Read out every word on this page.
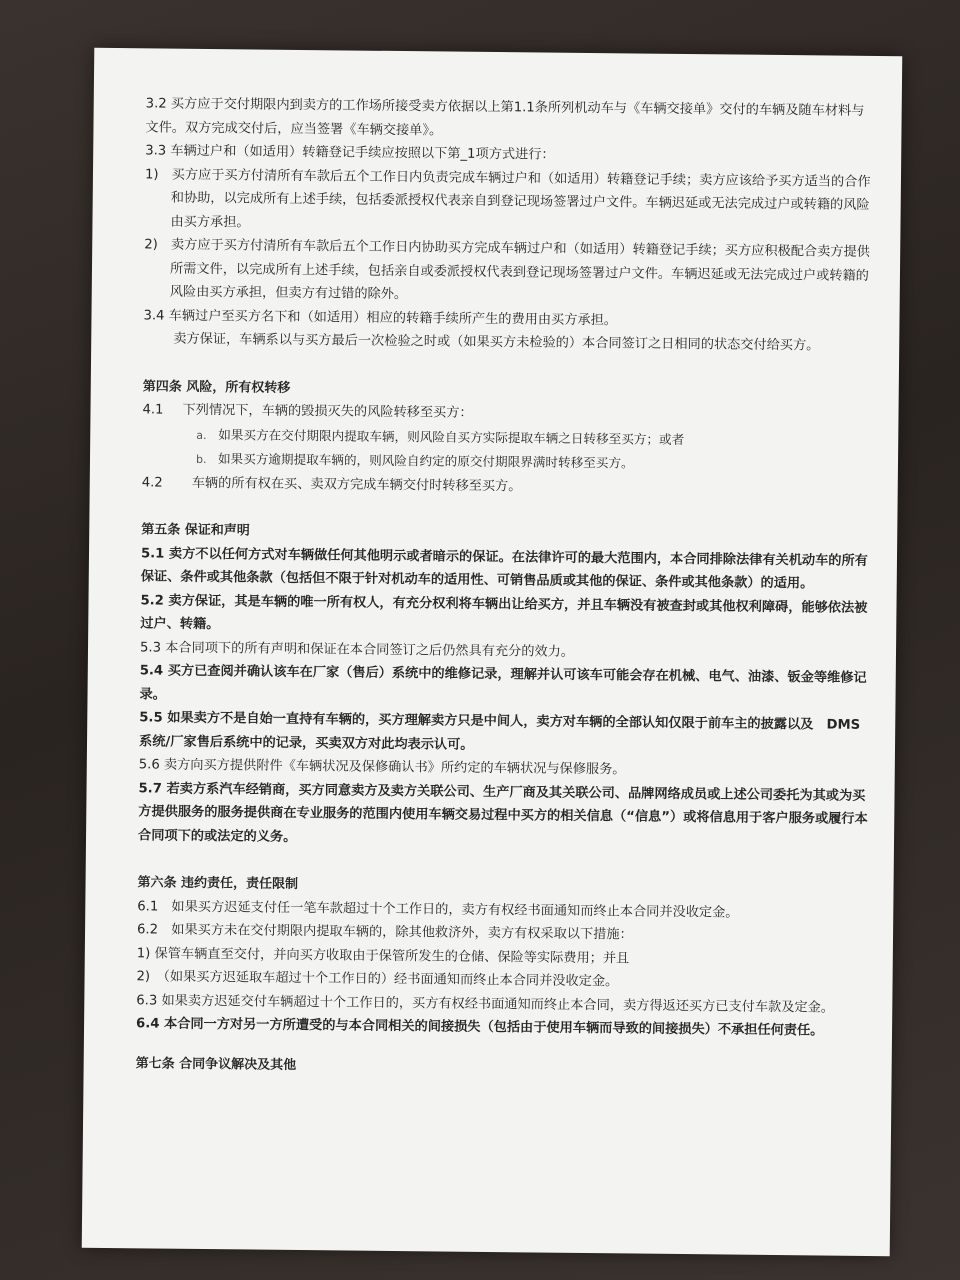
3.2 买方应于交付期限内到卖方的工作场所接受卖方依据以上第1.1条所列机动车与《车辆交接单》交付的车辆及随车材料与文件。双方完成交付后，应当签署《车辆交接单》。

3.3 车辆过户和（如适用）转籍登记手续应按照以下第_1项方式进行：

1)　买方应于买方付清所有车款后五个工作日内负责完成车辆过户和（如适用）转籍登记手续；卖方应该给予买方适当的合作和协助，以完成所有上述手续，包括委派授权代表亲自到登记现场签署过户文件。车辆迟延或无法完成过户或转籍的风险由买方承担。

2)　卖方应于买方付清所有车款后五个工作日内协助买方完成车辆过户和（如适用）转籍登记手续；买方应积极配合卖方提供所需文件，以完成所有上述手续，包括亲自或委派授权代表到登记现场签署过户文件。车辆迟延或无法完成过户或转籍的风险由买方承担，但卖方有过错的除外。

3.4 车辆过户至买方名下和（如适用）相应的转籍手续所产生的费用由买方承担。

卖方保证，车辆系以与买方最后一次检验之时或（如果买方未检验的）本合同签订之日相同的状态交付给买方。

第四条 风险，所有权转移

4.1 下列情况下，车辆的毁损灭失的风险转移至买方：

a. 如果买方在交付期限内提取车辆，则风险自买方实际提取车辆之日转移至买方；或者

b. 如果买方逾期提取车辆的，则风险自约定的原交付期限界满时转移至买方。

4.2 车辆的所有权在买、卖双方完成车辆交付时转移至买方。

第五条 保证和声明

5.1 卖方不以任何方式对车辆做任何其他明示或者暗示的保证。在法律许可的最大范围内，本合同排除法律有关机动车的所有保证、条件或其他条款（包括但不限于针对机动车的适用性、可销售品质或其他的保证、条件或其他条款）的适用。

5.2 卖方保证，其是车辆的唯一所有权人，有充分权利将车辆出让给买方，并且车辆没有被查封或其他权利障碍，能够依法被过户、转籍。

5.3 本合同项下的所有声明和保证在本合同签订之后仍然具有充分的效力。

5.4 买方已查阅并确认该车在厂家（售后）系统中的维修记录，理解并认可该车可能会存在机械、电气、油漆、钣金等维修记录。

5.5 如果卖方不是自始一直持有车辆的，买方理解卖方只是中间人，卖方对车辆的全部认知仅限于前车主的披露以及　DMS系统/厂家售后系统中的记录，买卖双方对此均表示认可。

5.6 卖方向买方提供附件《车辆状况及保修确认书》所约定的车辆状况与保修服务。

5.7 若卖方系汽车经销商，买方同意卖方及卖方关联公司、生产厂商及其关联公司、品牌网络成员或上述公司委托为其或为买方提供服务的服务提供商在专业服务的范围内使用车辆交易过程中买方的相关信息（“信息”）或将信息用于客户服务或履行本合同项下的或法定的义务。

第六条 违约责任，责任限制

6.1　如果买方迟延支付任一笔车款超过十个工作日的，卖方有权经书面通知而终止本合同并没收定金。

6.2　如果买方未在交付期限内提取车辆的，除其他救济外，卖方有权采取以下措施：

1) 保管车辆直至交付，并向买方收取由于保管所发生的仓储、保险等实际费用；并且

2)　（如果买方迟延取车超过十个工作日的）经书面通知而终止本合同并没收定金。

6.3 如果卖方迟延交付车辆超过十个工作日的，买方有权经书面通知而终止本合同，卖方得返还买方已支付车款及定金。

6.4 本合同一方对另一方所遭受的与本合同相关的间接损失（包括由于使用车辆而导致的间接损失）不承担任何责任。

第七条 合同争议解决及其他
